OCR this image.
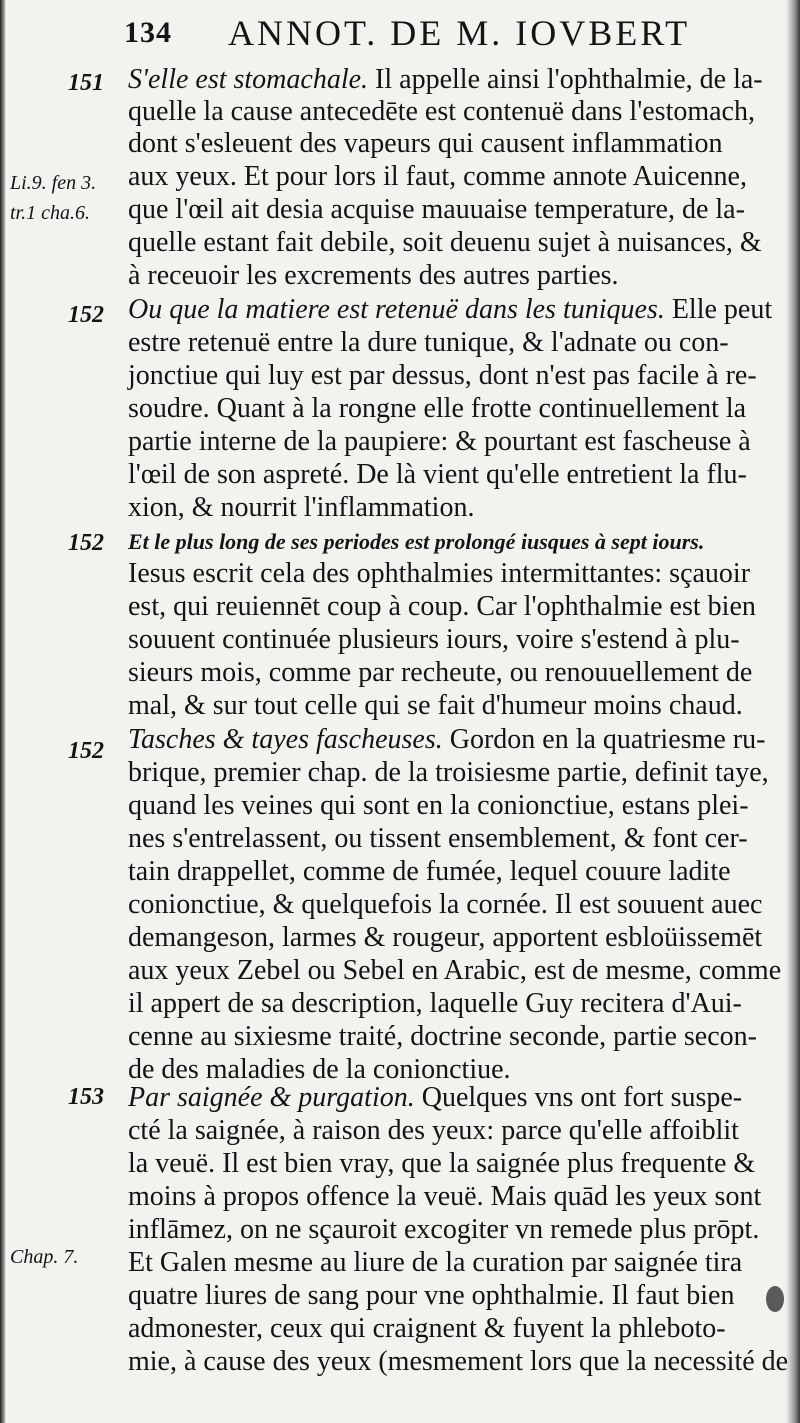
134 ANNOT. DE M. IOVBERT
151
152
152
152
153
Li.9. fen 3.
tr.1 cha.6.
Chap. 7.
S'elle est stomachale. Il appelle ainsi l'ophthalmie, de la-
quelle la cause antecedēte est contenuë dans l'estomach,
dont s'esleuent des vapeurs qui causent inflammation
aux yeux. Et pour lors il faut, comme annote Auicenne,
que l'œil ait desia acquise mauuaise temperature, de la-
quelle estant fait debile, soit deuenu sujet à nuisances, &
à receuoir les excrements des autres parties.
Ou que la matiere est retenuë dans les tuniques. Elle peut
estre retenuë entre la dure tunique, & l'adnate ou con-
jonctiue qui luy est par dessus, dont n'est pas facile à re-
soudre. Quant à la rongne elle frotte continuellement la
partie interne de la paupiere: & pourtant est fascheuse à
l'œil de son aspreté. De là vient qu'elle entretient la flu-
xion, & nourrit l'inflammation.
Et le plus long de ses periodes est prolongé iusques à sept iours.
Iesus escrit cela des ophthalmies intermittantes: sçauoir
est, qui reuiennēt coup à coup. Car l'ophthalmie est bien
souuent continuée plusieurs iours, voire s'estend à plu-
sieurs mois, comme par recheute, ou renouuellement de
mal, & sur tout celle qui se fait d'humeur moins chaud.
Tasches & tayes fascheuses. Gordon en la quatriesme ru-
brique, premier chap. de la troisiesme partie, definit taye,
quand les veines qui sont en la conionctiue, estans plei-
nes s'entrelassent, ou tissent ensemblement, & font cer-
tain drappellet, comme de fumée, lequel couure ladite
conionctiue, & quelquefois la cornée. Il est souuent auec
demangeson, larmes & rougeur, apportent esbloüissemēt
aux yeux Zebel ou Sebel en Arabic, est de mesme, comme
il appert de sa description, laquelle Guy recitera d'Aui-
cenne au sixiesme traité, doctrine seconde, partie secon-
de des maladies de la conionctiue.
Par saignée & purgation. Quelques vns ont fort suspe-
cté la saignée, à raison des yeux: parce qu'elle affoiblit
la veuë. Il est bien vray, que la saignée plus frequente &
moins à propos offence la veuë. Mais quād les yeux sont
inflāmez, on ne sçauroit excogiter vn remede plus prōpt.
Et Galen mesme au liure de la curation par saignée tira
quatre liures de sang pour vne ophthalmie. Il faut bien
admonester, ceux qui craignent & fuyent la phleboto-
mie, à cause des yeux (mesmement lors que la necessité de
